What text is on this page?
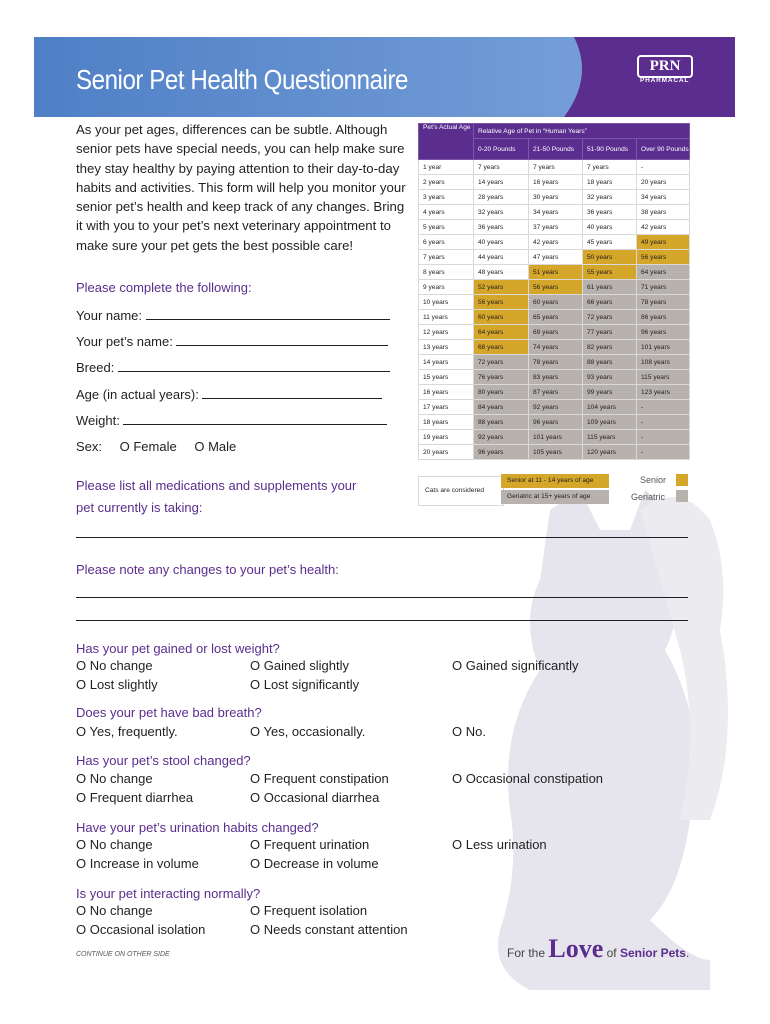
Senior Pet Health Questionnaire	PRN
PHARMACAL
As your pet ages, differences can be subtle. Although senior pets have special needs, you can help make sure they stay healthy by paying attention to their day-to-day habits and activities. This form will help you monitor your senior pet’s health and keep track of any changes. Bring it with you to your pet’s next veterinary appointment to make sure your pet gets the best possible care!
Please complete the following:
Your name:
Your pet’s name:
Breed:
Age (in actual years):
Weight:
Sex: O Female O Male
Pet’s Actual Age	Relative Age of Pet in “Human Years”			
	0-20 Pounds	21-50 Pounds	51-90 Pounds	Over 90 Pounds
1 year	7 years	7 years	7 years	-
2 years	14 years	16 years	18 years	20 years
3 years	28 years	30 years	32 years	34 years
4 years	32 years	34 years	36 years	38 years
5 years	36 years	37 years	40 years	42 years
6 years	40 years	42 years	45 years	49 years
7 years	44 years	47 years	50 years	56 years
8 years	48 years	51 years	55 years	64 years
9 years	52 years	56 years	61 years	71 years
10 years	56 years	60 years	66 years	78 years
11 years	60 years	65 years	72 years	86 years
12 years	64 years	69 years	77 years	96 years
13 years	68 years	74 years	82 years	101 years
14 years	72 years	78 years	88 years	108 years
15 years	76 years	83 years	93 years	115 years
16 years	80 years	87 years	99 years	123 years
17 years	84 years	92 years	104 years	-
18 years	88 years	96 years	109 years	-
19 years	92 years	101 years	115 years	-
20 years	96 years	105 years	120 years	-
Cats are considered
Senior at 11 - 14 years of age
Geriatric at 15+ years of age
Senior
Geriatric
Please list all medications and supplements your
pet currently is taking:
Please note any changes to your pet’s health:
Has your pet gained or lost weight?
O No change	O Gained slightly	O Gained significantly
O Lost slightly	O Lost significantly
Does your pet have bad breath?
O Yes, frequently.	O Yes, occasionally.	O No.
Has your pet’s stool changed?
O No change	O Frequent constipation	O Occasional constipation
O Frequent diarrhea	O Occasional diarrhea
Have your pet’s urination habits changed?
O No change	O Frequent urination	O Less urination
O Increase in volume	O Decrease in volume
Is your pet interacting normally?
O No change	O Frequent isolation
O Occasional isolation	O Needs constant attention
CONTINUE ON OTHER SIDE	For the Love of Senior Pets.
